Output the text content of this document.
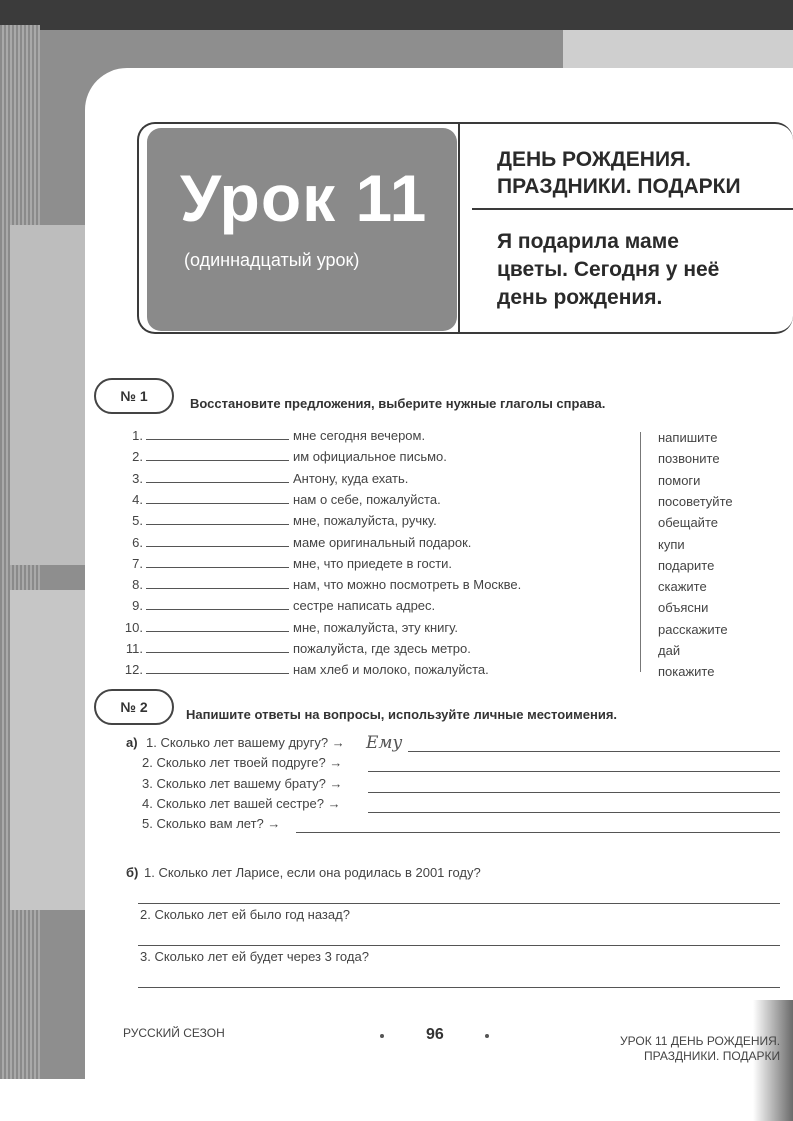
Урок 11
(одиннадцатый урок)
ДЕНЬ РОЖДЕНИЯ.
ПРАЗДНИКИ. ПОДАРКИ
Я подарила маме
цветы. Сегодня у неё
день рождения.
№ 1	Восстановите предложения, выберите нужные глаголы справа.
1.	мне сегодня вечером.
2.	им официальное письмо.
3.	Антону, куда ехать.
4.	нам о себе, пожалуйста.
5.	мне, пожалуйста, ручку.
6.	маме оригинальный подарок.
7.	мне, что приедете в гости.
8.	нам, что можно посмотреть в Москве.
9.	сестре написать адрес.
10.	мне, пожалуйста, эту книгу.
11.	пожалуйста, где здесь метро.
12.	нам хлеб и молоко, пожалуйста.
напишите
позвоните
помоги
посоветуйте
обещайте
купи
подарите
скажите
объясни
расскажите
дай
покажите
№ 2	Напишите ответы на вопросы, используйте личные местоимения.
а) 1. Сколько лет вашему другу? →
2. Сколько лет твоей подруге? →
3. Сколько лет вашему брату? →
4. Сколько лет вашей сестре? →
5. Сколько вам лет? →
Ему
б) 1. Сколько лет Ларисе, если она родилась в 2001 году?
2. Сколько лет ей было год назад?
3. Сколько лет ей будет через 3 года?
РУССКИЙ СЕЗОН	96	УРОК 11 ДЕНЬ РОЖДЕНИЯ.
ПРАЗДНИКИ. ПОДАРКИ
